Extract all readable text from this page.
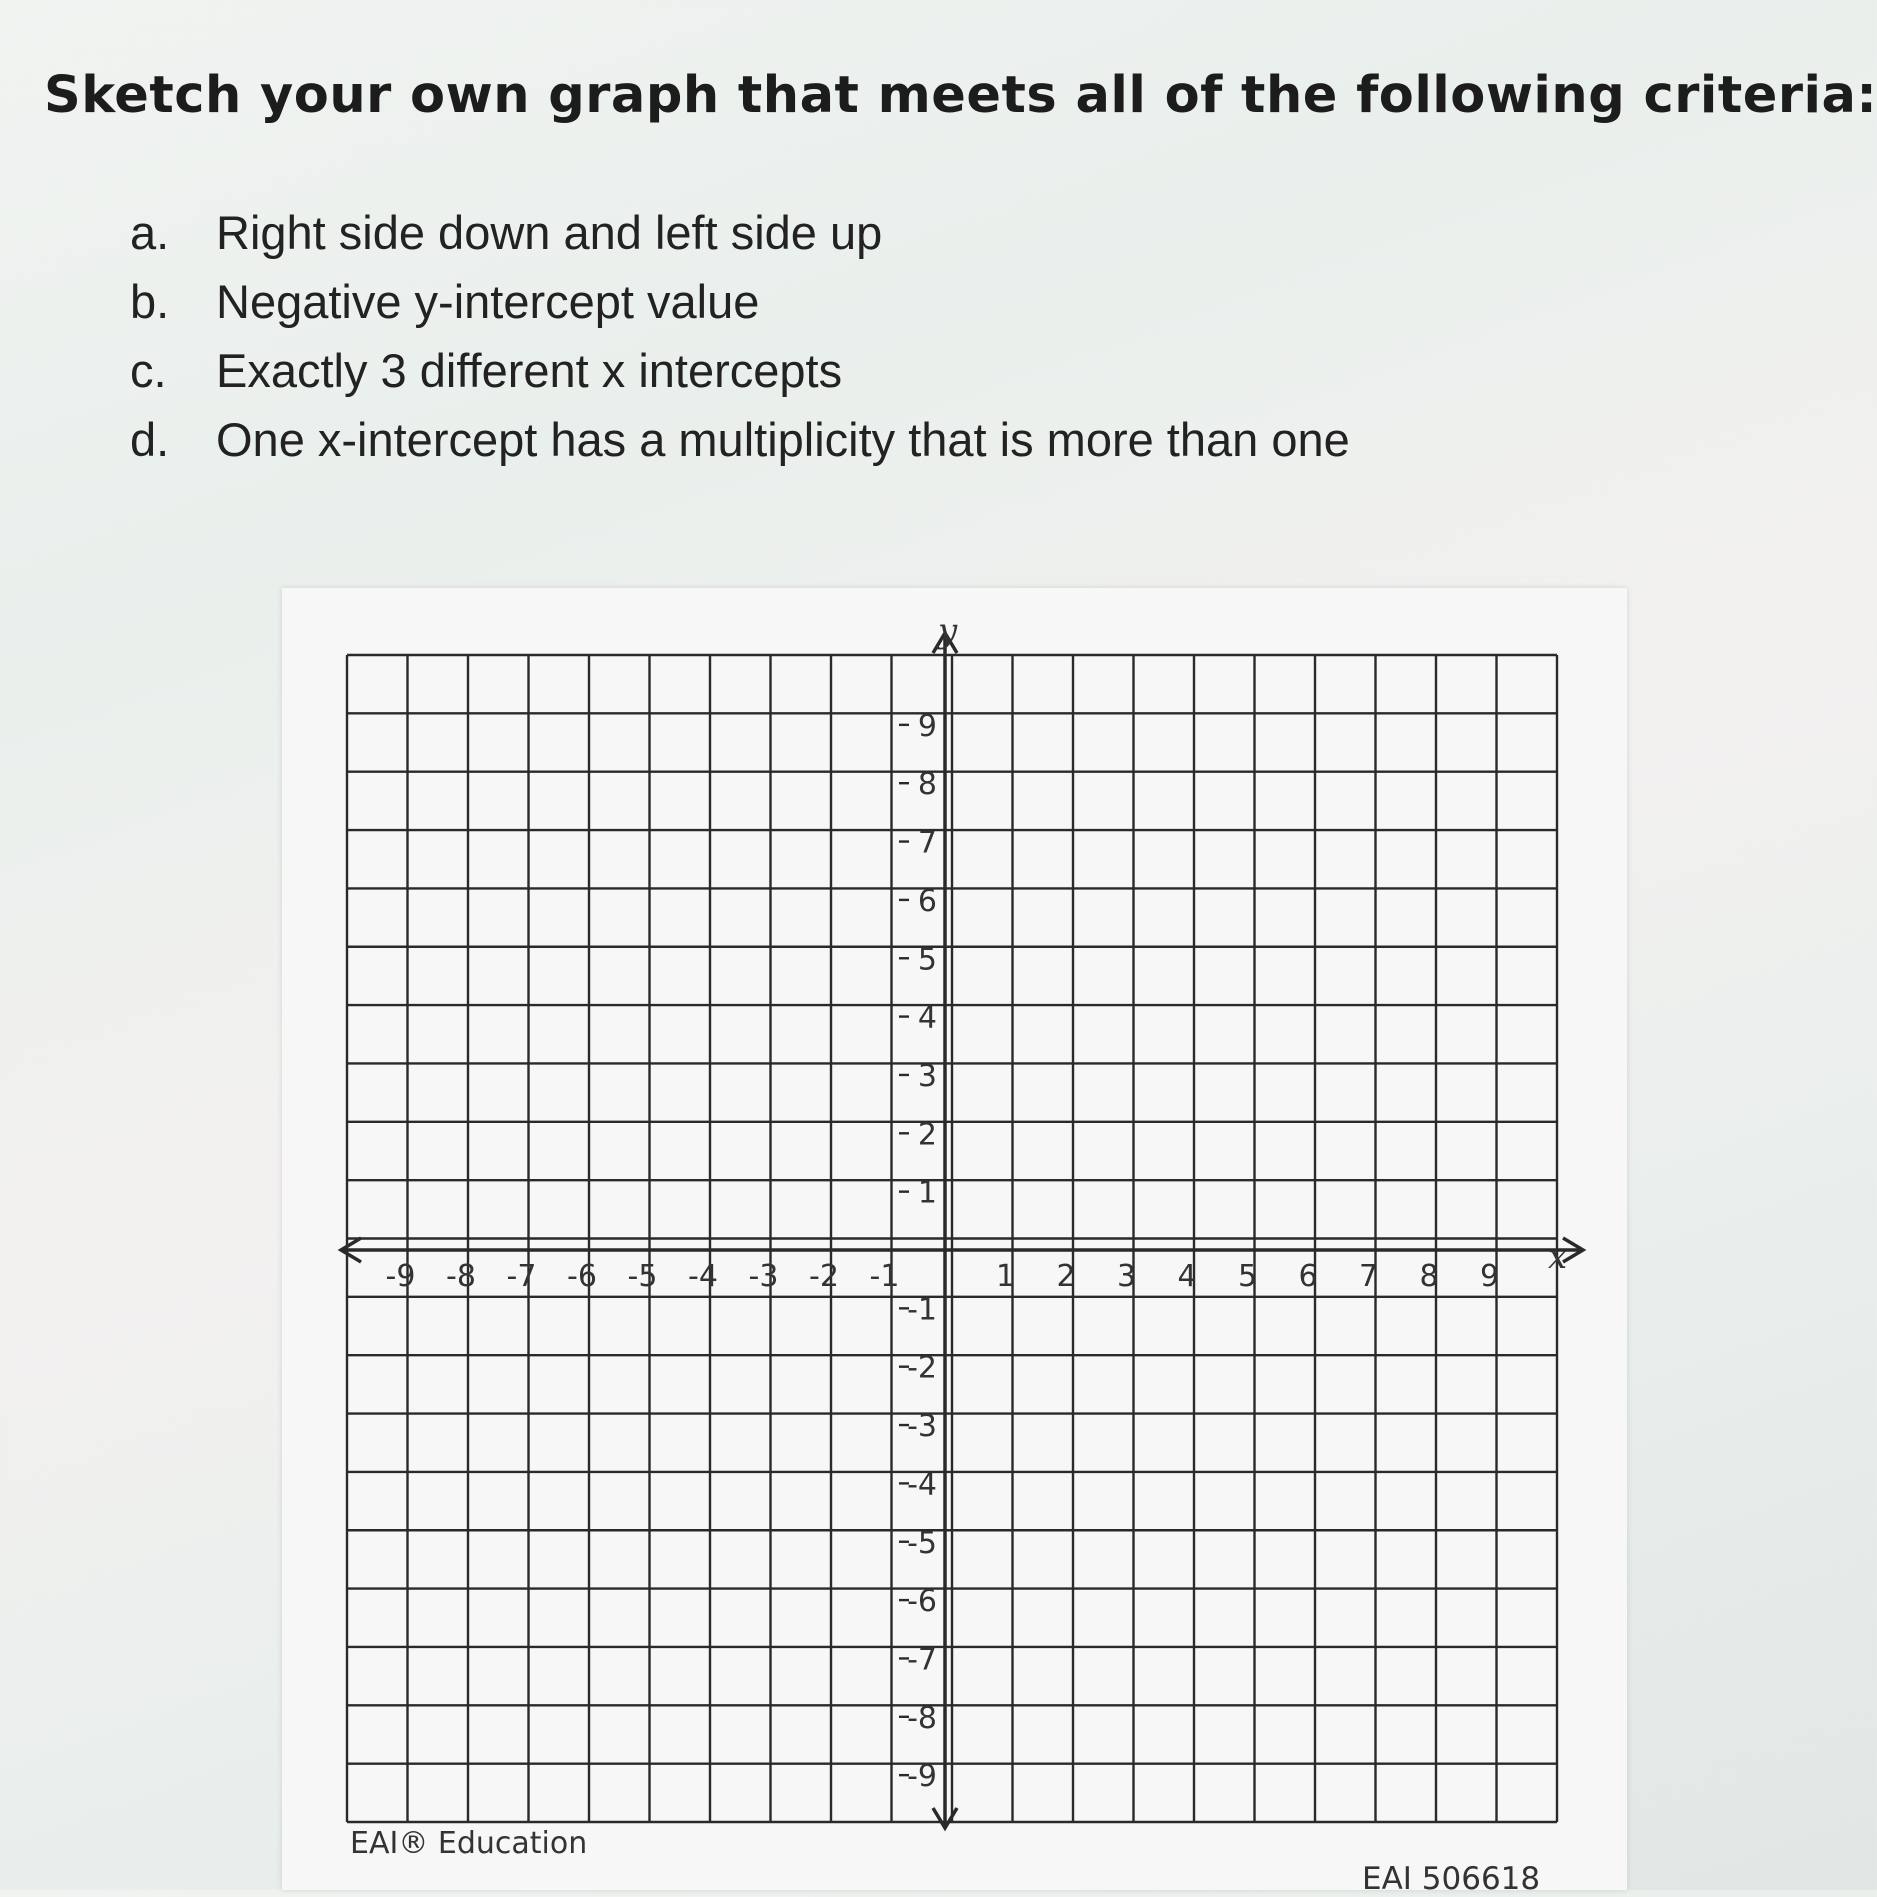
Sketch your own graph that meets all of the following criteria:
a. Right side down and left side up
b. Negative y-intercept value
c. Exactly 3 different x intercepts
d. One x-intercept has a multiplicity that is more than one
-9 -8 -7 -6 -5 -4 -3 -2 -1	1 2 3 4 5 6 7 8 9
9
8
7
6
5
4
3
2
1
-1
-2
-3
-4
-5
-6
-7
-8
-9
x
y
EAI® Education
EAI 506618
